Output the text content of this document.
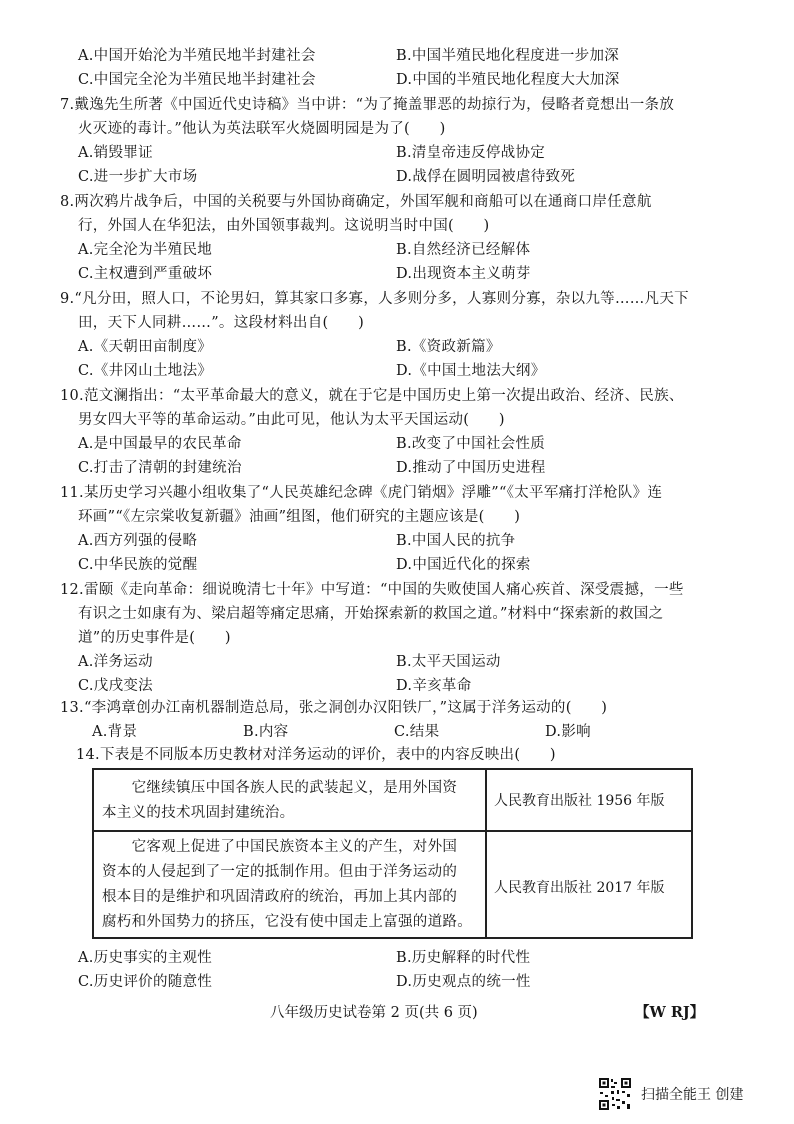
A.中国开始沦为半殖民地半封建社会	B.中国半殖民地化程度进一步加深
C.中国完全沦为半殖民地半封建社会	D.中国的半殖民地化程度大大加深
7.戴逸先生所著《中国近代史诗稿》当中讲：“为了掩盖罪恶的劫掠行为，侵略者竟想出一条放
火灭迹的毒计。”他认为英法联军火烧圆明园是为了(　　)
A.销毁罪证	B.清皇帝违反停战协定
C.进一步扩大市场	D.战俘在圆明园被虐待致死
8.两次鸦片战争后，中国的关税要与外国协商确定，外国军舰和商船可以在通商口岸任意航
行，外国人在华犯法，由外国领事裁判。这说明当时中国(　　)
A.完全沦为半殖民地	B.自然经济已经解体
C.主权遭到严重破坏	D.出现资本主义萌芽
9.“凡分田，照人口，不论男妇，算其家口多寡，人多则分多，人寡则分寡，杂以九等……凡天下
田，天下人同耕……”。这段材料出自(　　)
A.《天朝田亩制度》	B.《资政新篇》
C.《井冈山土地法》	D.《中国土地法大纲》
10.范文澜指出：“太平革命最大的意义，就在于它是中国历史上第一次提出政治、经济、民族、
男女四大平等的革命运动。”由此可见，他认为太平天国运动(　　)
A.是中国最早的农民革命	B.改变了中国社会性质
C.打击了清朝的封建统治	D.推动了中国历史进程
11.某历史学习兴趣小组收集了“人民英雄纪念碑《虎门销烟》浮雕”“《太平军痛打洋枪队》连
环画”“《左宗棠收复新疆》油画”组图，他们研究的主题应该是(　　)
A.西方列强的侵略	B.中国人民的抗争
C.中华民族的觉醒	D.中国近代化的探索
12.雷颐《走向革命：细说晚清七十年》中写道：“中国的失败使国人痛心疾首、深受震撼，一些
有识之士如康有为、梁启超等痛定思痛，开始探索新的救国之道。”材料中“探索新的救国之
道”的历史事件是(　　)
A.洋务运动	B.太平天国运动
C.戊戌变法	D.辛亥革命
13.“李鸿章创办江南机器制造总局，张之洞创办汉阳铁厂，”这属于洋务运动的(　　)
A.背景	B.内容	C.结果	D.影响
14.下表是不同版本历史教材对洋务运动的评价，表中的内容反映出(　　)
　　它继续镇压中国各族人民的武装起义，是用外国资
本主义的技术巩固封建统治。
人民教育出版社 1956 年版
　　它客观上促进了中国民族资本主义的产生，对外国
资本的人侵起到了一定的抵制作用。但由于洋务运动的
根本目的是维护和巩固清政府的统治，再加上其内部的
腐朽和外国势力的挤压，它没有使中国走上富强的道路。
人民教育出版社 2017 年版
A.历史事实的主观性	B.历史解释的时代性
C.历史评价的随意性	D.历史观点的统一性
八年级历史试卷第 2 页(共 6 页)	【W RJ】
扫描全能王 创建
